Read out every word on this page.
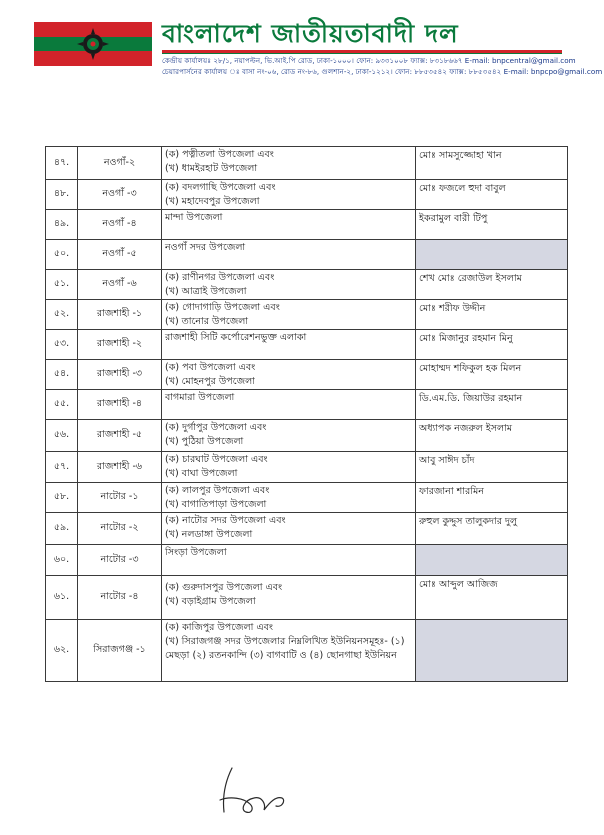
বাংলাদেশ জাতীয়তাবাদী দল
কেন্দ্রীয় কার্যালয়ঃ ২৮/১, নয়াপল্টন, ভি.আই.পি রোড, ঢাকা-১০০০। ফোন: ৯৩৩১০০৮ ফ্যাক্স: ৮৩১৮৬৬৭ E-mail: bnpcentral@gmail.com
চেয়ারপার্সনের কার্যালয় ঃ বাসা নং-০৬, রোড নং-৮৬, গুলশান-২, ঢাকা-১২১২। ফোন: ৮৮৫৩৫৪২ ফ্যাক্স: ৮৮৫৩৫৪২ E-mail: bnpcpo@gmail.com
৪৭.	নওগাঁ-২	(ক) পত্নীতলা উপজেলা এবং
(খ) ধামইরহাট উপজেলা	মোঃ সামসুজ্জোহা খান
৪৮.	নওগাঁ -৩	(ক) বদলগাছি উপজেলা এবং
(খ) মহাদেবপুর উপজেলা	মোঃ ফজলে হুদা বাবুল
৪৯.	নওগাঁ -৪	মান্দা উপজেলা	ইকরামুল বারী টিপু
৫০.	নওগাঁ -৫	নওগাঁ সদর উপজেলা	

৫১.	নওগাঁ -৬	(ক) রাণীনগর উপজেলা এবং
(খ) আত্রাই উপজেলা	শেখ মোঃ রেজাউল ইসলাম
৫২.	রাজশাহী -১	(ক) গোদাগাড়ি উপজেলা এবং
(খ) তানোর উপজেলা	মোঃ শরীফ উদ্দীন
৫৩.	রাজশাহী -২	রাজশাহী সিটি কর্পোরেশনভুক্ত এলাকা	মোঃ মিজানুর রহমান মিনু
৫৪.	রাজশাহী -৩	(ক) পবা উপজেলা এবং
(খ) মোহনপুর উপজেলা	মোহাম্মদ শফিকুল হক মিলন
৫৫.	রাজশাহী -৪	বাগমারা উপজেলা	ডি.এম.ডি. জিয়াউর রহমান
৫৬.	রাজশাহী -৫	(ক) দুর্গাপুর উপজেলা এবং
(খ) পুঠিয়া উপজেলা	অধ্যাপক নজরুল ইসলাম
৫৭.	রাজশাহী -৬	(ক) চারঘাট উপজেলা এবং
(খ) বাঘা উপজেলা	আবু সাঈদ চাঁদ
৫৮.	নাটোর -১	(ক) লালপুর উপজেলা এবং
(খ) বাগাতিপাড়া উপজেলা	ফারজানা শারমিন
৫৯.	নাটোর -২	(ক) নাটোর সদর উপজেলা এবং
(খ) নলডাঙ্গা উপজেলা	রুহুল কুদ্দুস তালুকদার দুলু
৬০.	নাটোর -৩	সিংড়া উপজেলা	

৬১.	নাটোর -৪	(ক) গুরুদাসপুর উপজেলা এবং
(খ) বড়াইগ্রাম উপজেলা	মোঃ আব্দুল আজিজ
৬২.	সিরাজগঞ্জ -১	(ক) কাজিপুর উপজেলা এবং
(খ) সিরাজগঞ্জ সদর উপজেলার নিম্নলিখিত ইউনিয়নসমূহঃ- (১)
মেছড়া (২) রতনকান্দি (৩) বাগবাটি ও (৪) ছোনগাছা ইউনিয়ন	
